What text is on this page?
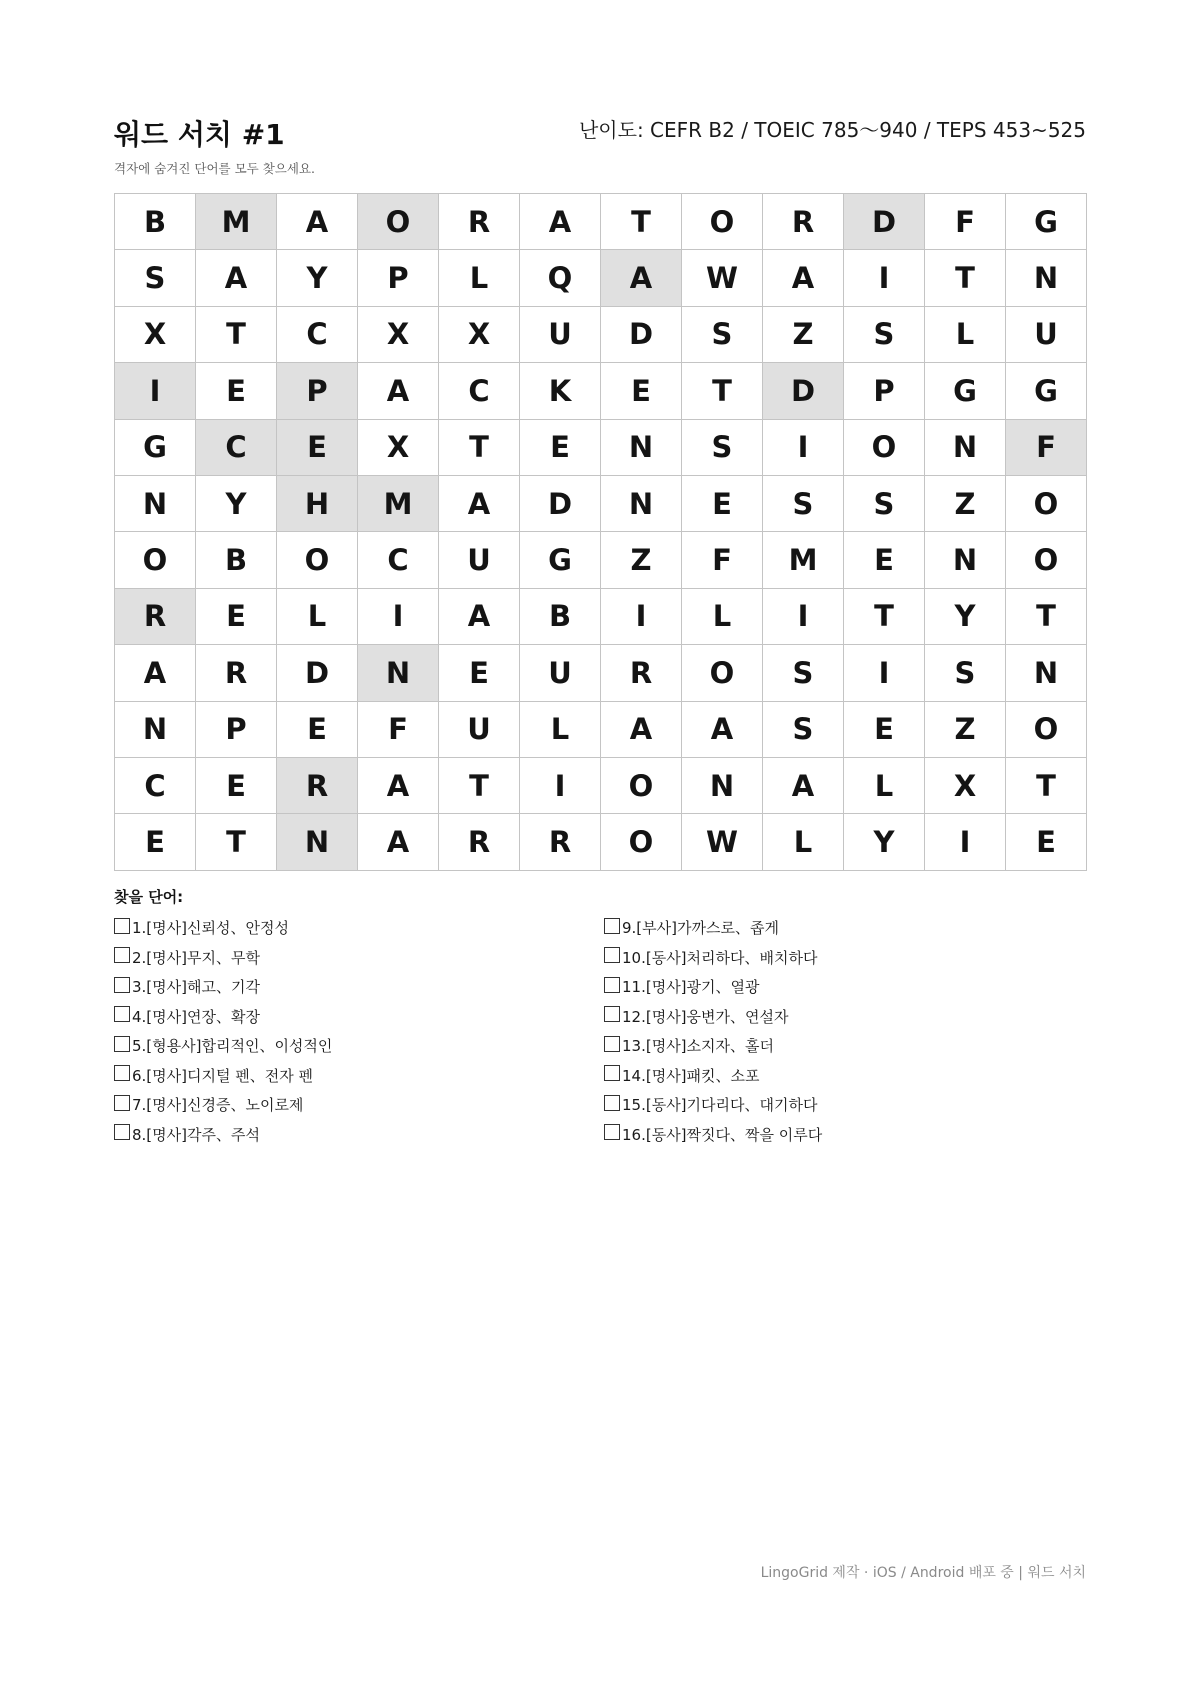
워드 서치 #1	난이도: CEFR B2 / TOEIC 785〜940 / TEPS 453~525
격자에 숨겨진 단어를 모두 찾으세요.
B	M	A	O	R	A	T	O	R	D	F	G
S	A	Y	P	L	Q	A	W	A	I	T	N
X	T	C	X	X	U	D	S	Z	S	L	U
I	E	P	A	C	K	E	T	D	P	G	G
G	C	E	X	T	E	N	S	I	O	N	F
N	Y	H	M	A	D	N	E	S	S	Z	O
O	B	O	C	U	G	Z	F	M	E	N	O
R	E	L	I	A	B	I	L	I	T	Y	T
A	R	D	N	E	U	R	O	S	I	S	N
N	P	E	F	U	L	A	A	S	E	Z	O
C	E	R	A	T	I	O	N	A	L	X	T
E	T	N	A	R	R	O	W	L	Y	I	E
찾을 단어:
1.[명사]신뢰성、안정성
2.[명사]무지、무학
3.[명사]해고、기각
4.[명사]연장、확장
5.[형용사]합리적인、이성적인
6.[명사]디지털 펜、전자 펜
7.[명사]신경증、노이로제
8.[명사]각주、주석
9.[부사]가까스로、좁게
10.[동사]처리하다、배치하다
11.[명사]광기、열광
12.[명사]웅변가、연설자
13.[명사]소지자、홀더
14.[명사]패킷、소포
15.[동사]기다리다、대기하다
16.[동사]짝짓다、짝을 이루다
LingoGrid 제작 · iOS / Android 배포 중 | 워드 서치
